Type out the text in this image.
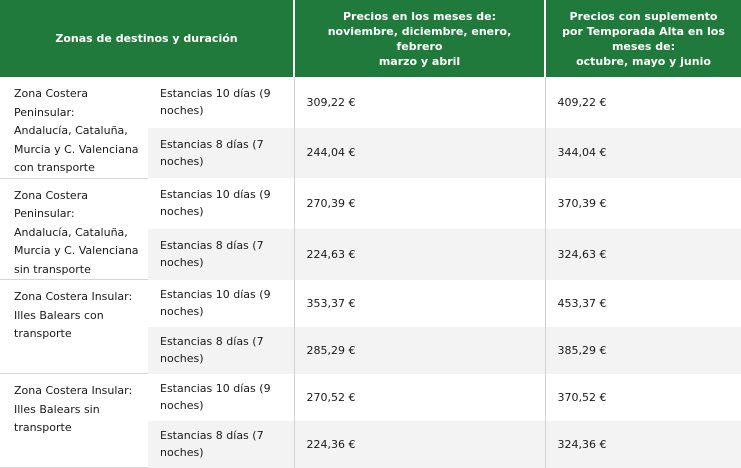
Zonas de destinos y duración		Precios en los meses de:
noviembre, diciembre, enero, febrero
marzo y abril	Precios con suplemento
por Temporada Alta en los
meses de:
octubre, mayo y junio

Zona Costera
Peninsular:
Andalucía, Cataluña,
Murcia y C. Valenciana
con transporte	Estancias 10 días (9
noches)	309,22 €	409,22 €

	Estancias 8 días (7
noches)	244,04 €	344,04 €

Zona Costera
Peninsular:
Andalucía, Cataluña,
Murcia y C. Valenciana
sin transporte	Estancias 10 días (9
noches)	270,39 €	370,39 €

	Estancias 8 días (7
noches)	224,63 €	324,63 €

Zona Costera Insular:
Illes Balears con
transporte	Estancias 10 días (9
noches)	353,37 €	453,37 €

	Estancias 8 días (7
noches)	285,29 €	385,29 €

Zona Costera Insular:
Illes Balears sin
transporte	Estancias 10 días (9
noches)	270,52 €	370,52 €

	Estancias 8 días (7
noches)	224,36 €	324,36 €
